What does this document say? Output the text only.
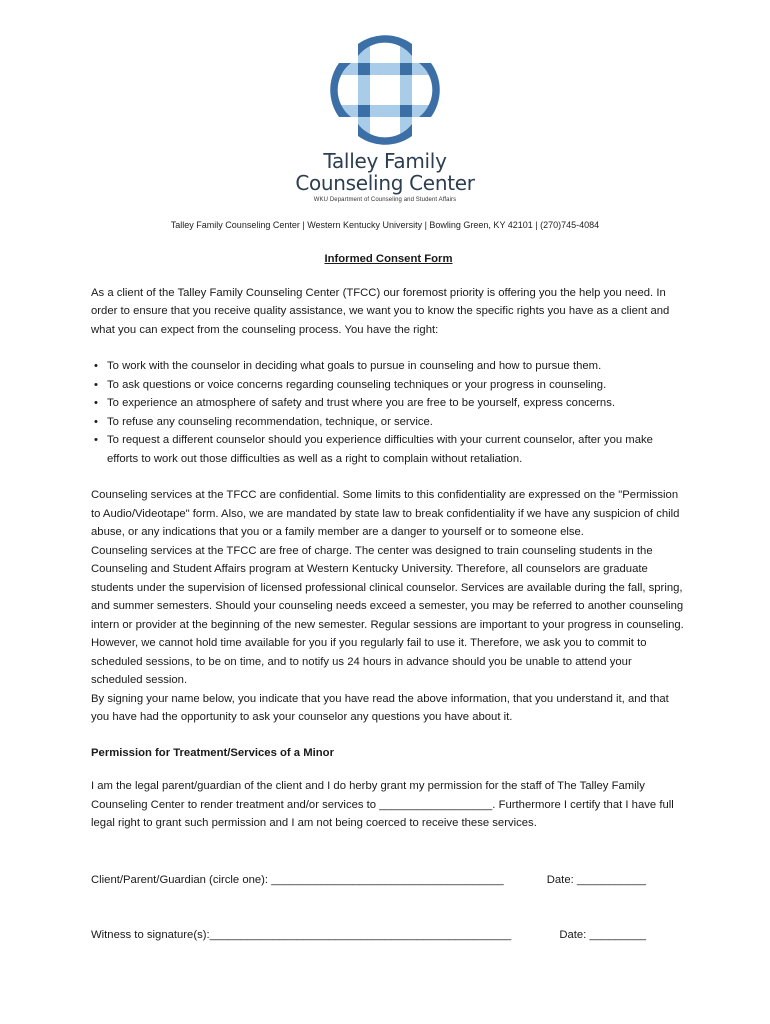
Talley Family
Counseling Center
WKU Department of Counseling and Student Affairs
Talley Family Counseling Center | Western Kentucky University | Bowling Green, KY 42101 | (270)745-4084

Informed Consent Form

As a client of the Talley Family Counseling Center (TFCC) our foremost priority is offering you the help you need. In order to ensure that you receive quality assistance, we want you to know the specific rights you have as a client and what you can expect from the counseling process. You have the right:

• To work with the counselor in deciding what goals to pursue in counseling and how to pursue them.
• To ask questions or voice concerns regarding counseling techniques or your progress in counseling.
• To experience an atmosphere of safety and trust where you are free to be yourself, express concerns.
• To refuse any counseling recommendation, technique, or service.
• To request a different counselor should you experience difficulties with your current counselor, after you make efforts to work out those difficulties as well as a right to complain without retaliation.

Counseling services at the TFCC are confidential. Some limits to this confidentiality are expressed on the "Permission to Audio/Videotape" form. Also, we are mandated by state law to break confidentiality if we have any suspicion of child abuse, or any indications that you or a family member are a danger to yourself or to someone else.

Counseling services at the TFCC are free of charge. The center was designed to train counseling students in the Counseling and Student Affairs program at Western Kentucky University. Therefore, all counselors are graduate students under the supervision of licensed professional clinical counselor. Services are available during the fall, spring, and summer semesters. Should your counseling needs exceed a semester, you may be referred to another counseling intern or provider at the beginning of the new semester. Regular sessions are important to your progress in counseling. However, we cannot hold time available for you if you regularly fail to use it. Therefore, we ask you to commit to scheduled sessions, to be on time, and to notify us 24 hours in advance should you be unable to attend your scheduled session.

By signing your name below, you indicate that you have read the above information, that you understand it, and that you have had the opportunity to ask your counselor any questions you have about it.

Permission for Treatment/Services of a Minor

I am the legal parent/guardian of the client and I do herby grant my permission for the staff of The Talley Family Counseling Center to render treatment and/or services to __________________. Furthermore I certify that I have full legal right to grant such permission and I am not being coerced to receive these services.

Client/Parent/Guardian (circle one): _____________________________________	Date: ___________
Witness to signature(s):________________________________________________	Date: _________
